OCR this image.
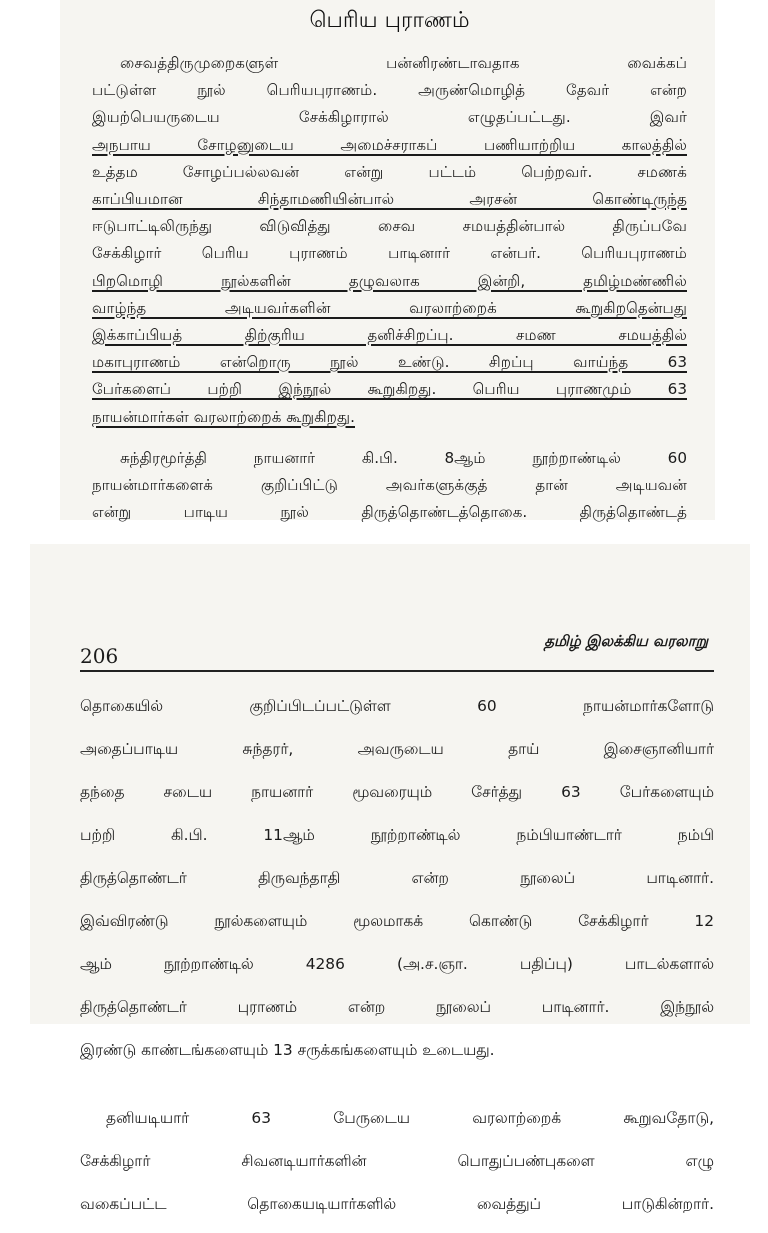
பெரிய புராணம்

சைவத்திருமுறைகளுள் பன்னிரண்டாவதாக வைக்கப்

பட்டுள்ள நூல் பெரியபுராணம். அருண்மொழித் தேவர் என்ற

இயற்பெயருடைய சேக்கிழாரால் எழுதப்பட்டது. இவர்

அநபாய சோழனுடைய அமைச்சராகப் பணியாற்றிய காலத்தில்

உத்தம சோழப்பல்லவன் என்று பட்டம் பெற்றவர். சமணக்

காப்பியமான சிந்தாமணியின்பால் அரசன் கொண்டிருந்த

ஈடுபாட்டிலிருந்து விடுவித்து சைவ சமயத்தின்பால் திருப்பவே

சேக்கிழார் பெரிய புராணம் பாடினார் என்பர். பெரியபுராணம்

பிறமொழி நூல்களின் தழுவலாக இன்றி, தமிழ்மண்ணில்

வாழ்ந்த அடியவர்களின் வரலாற்றைக் கூறுகிறதென்பது

இக்காப்பியத் திற்குரிய தனிச்சிறப்பு. சமண சமயத்தில்

மகாபுராணம் என்றொரு நூல் உண்டு. சிறப்பு வாய்ந்த 63

பேர்களைப் பற்றி இந்நூல் கூறுகிறது. பெரிய புராணமும் 63

நாயன்மார்கள் வரலாற்றைக் கூறுகிறது.

சுந்திரமூர்த்தி நாயனார் கி.பி. 8ஆம் நூற்றாண்டில் 60

நாயன்மார்களைக் குறிப்பிட்டு அவர்களுக்குத் தான் அடியவன்

என்று பாடிய நூல் திருத்தொண்டத்தொகை. திருத்தொண்டத்

தமிழ் இலக்கிய வரலாறு
206

தொகையில் குறிப்பிடப்பட்டுள்ள 60 நாயன்மார்களோடு

அதைப்பாடிய சுந்தரர், அவருடைய தாய் இசைஞானியார்

தந்தை சடைய நாயனார் மூவரையும் சேர்த்து 63 பேர்களையும்

பற்றி கி.பி. 11ஆம் நூற்றாண்டில் நம்பியாண்டார் நம்பி

திருத்தொண்டர் திருவந்தாதி என்ற நூலைப் பாடினார்.

இவ்விரண்டு நூல்களையும் மூலமாகக் கொண்டு சேக்கிழார் 12

ஆம் நூற்றாண்டில் 4286 (அ.ச.ஞா. பதிப்பு) பாடல்களால்

திருத்தொண்டர் புராணம் என்ற நூலைப் பாடினார். இந்நூல்

இரண்டு காண்டங்களையும் 13 சருக்கங்களையும் உடையது.

தனியடியார் 63 பேருடைய வரலாற்றைக் கூறுவதோடு,

சேக்கிழார் சிவனடியார்களின் பொதுப்பண்புகளை எழு

வகைப்பட்ட தொகையடியார்களில் வைத்துப் பாடுகின்றார்.
